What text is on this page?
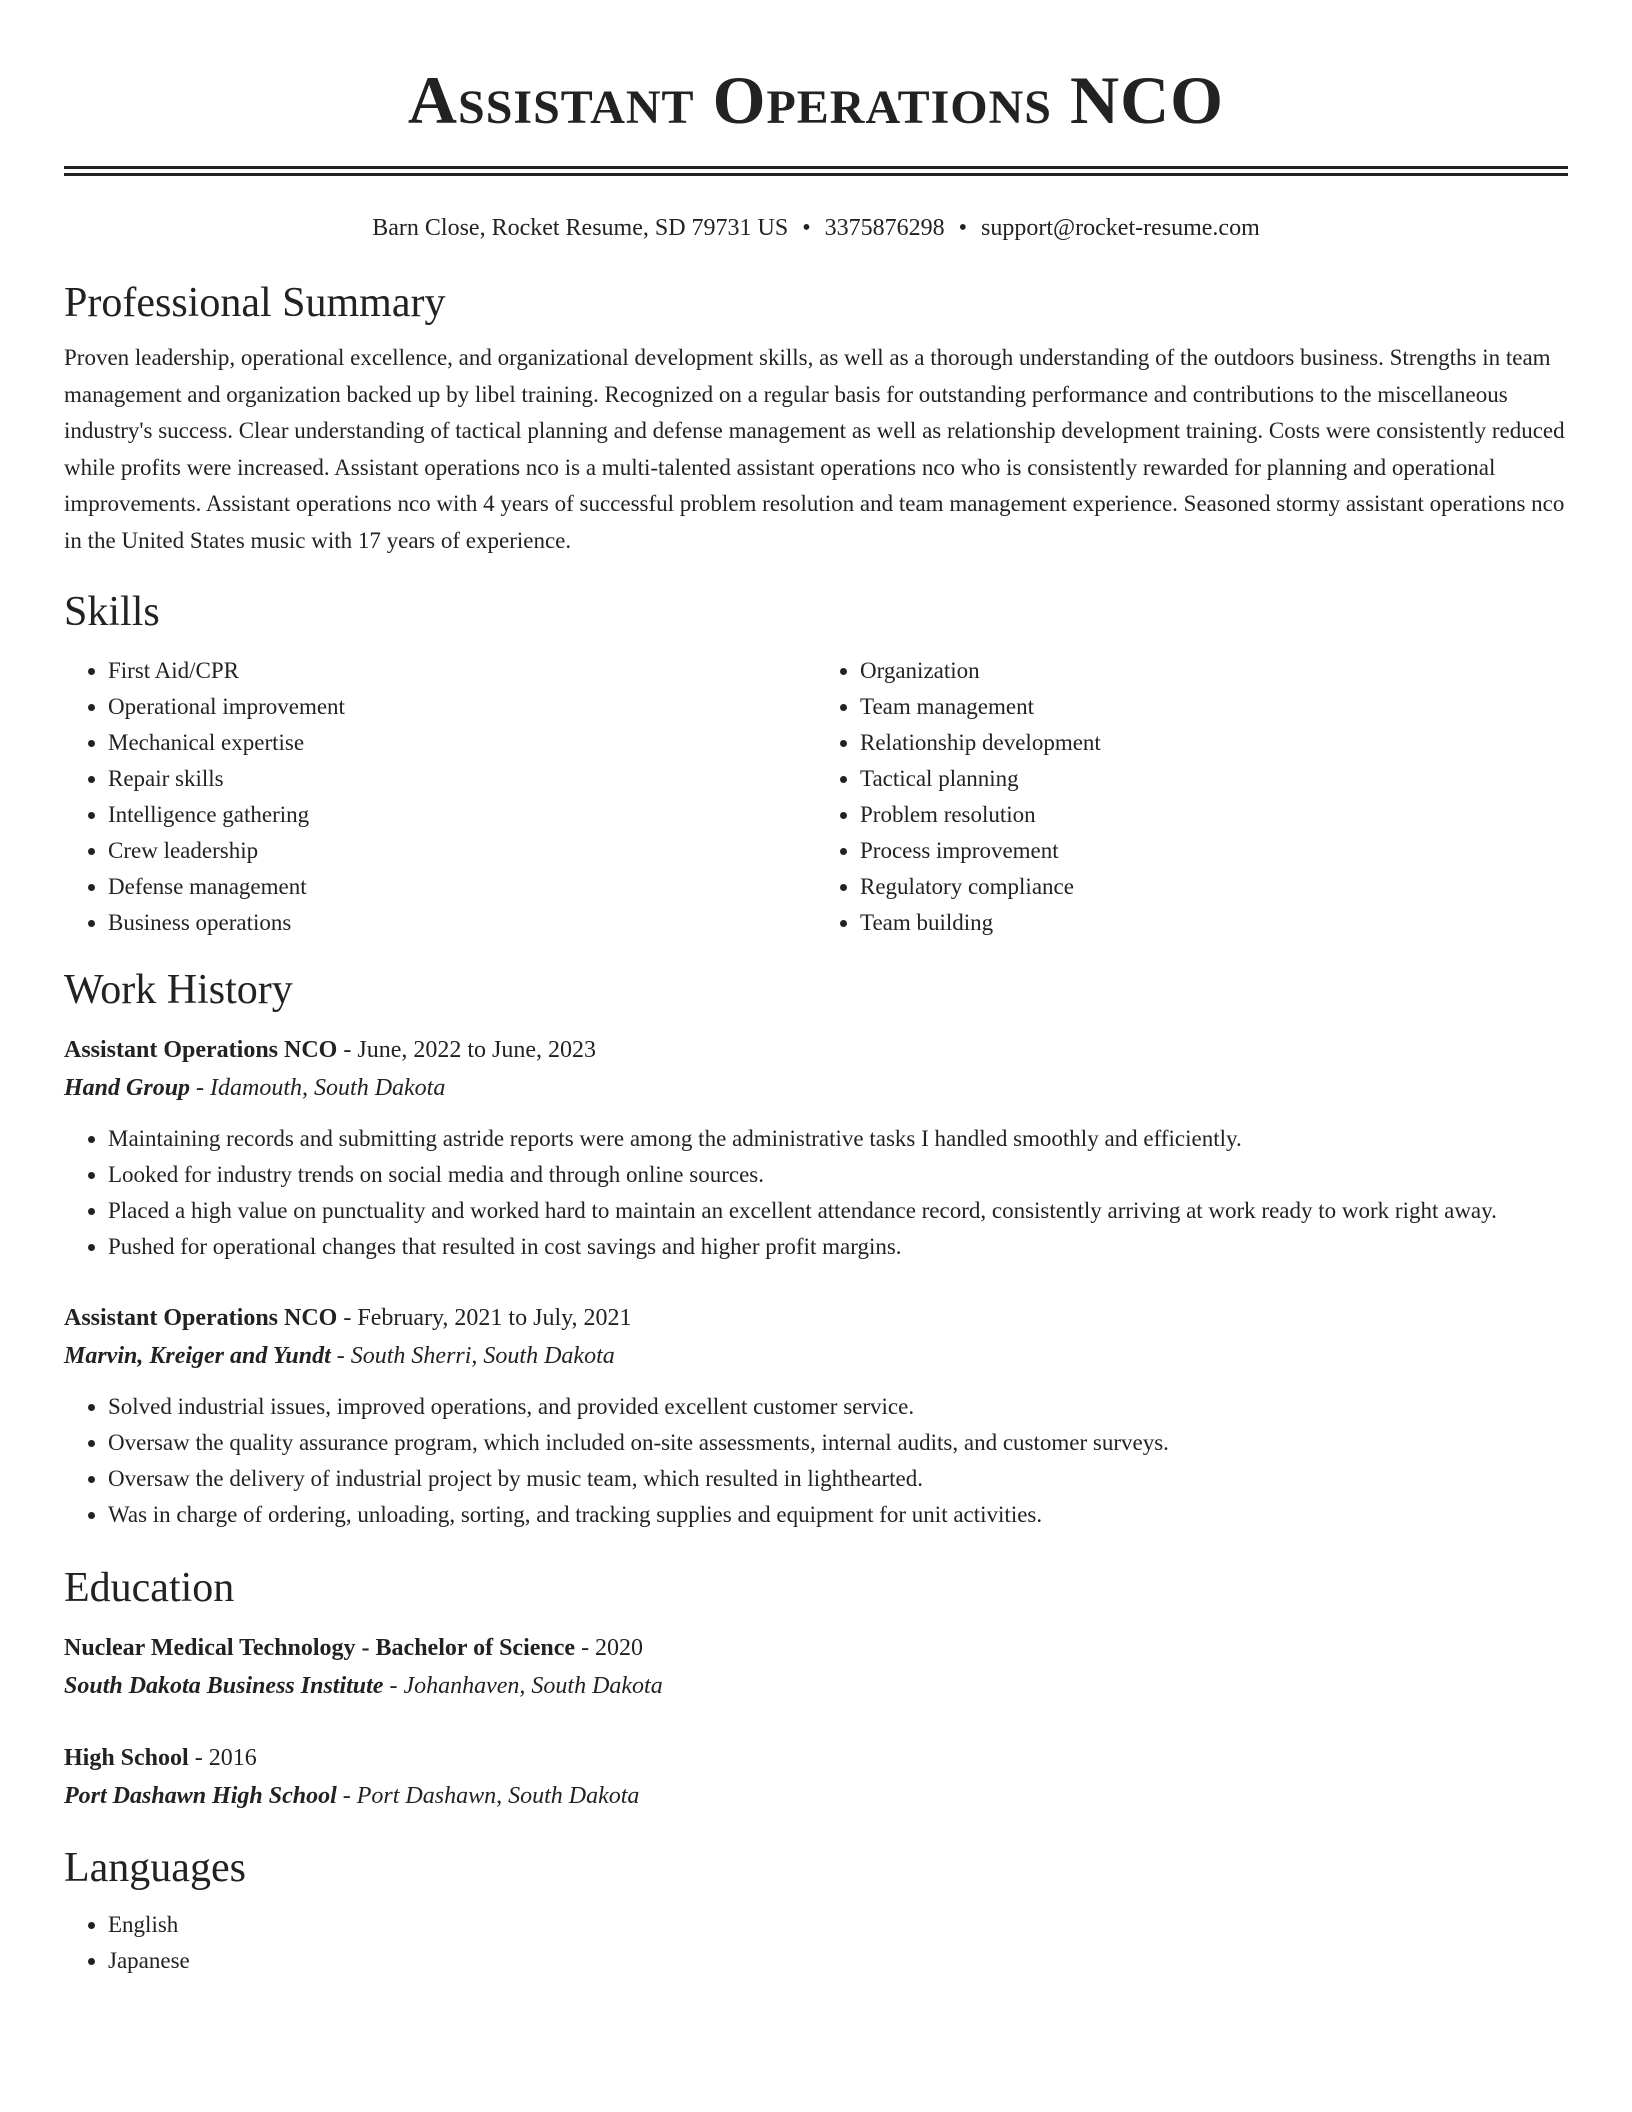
Assistant Operations NCO
Barn Close, Rocket Resume, SD 79731 US • 3375876298 • support@rocket-resume.com
Professional Summary

Proven leadership, operational excellence, and organizational development skills, as well as a thorough understanding of the outdoors business. Strengths in team management and organization backed up by libel training. Recognized on a regular basis for outstanding performance and contributions to the miscellaneous industry's success. Clear understanding of tactical planning and defense management as well as relationship development training. Costs were consistently reduced while profits were increased. Assistant operations nco is a multi-talented assistant operations nco who is consistently rewarded for planning and operational improvements. Assistant operations nco with 4 years of successful problem resolution and team management experience. Seasoned stormy assistant operations nco in the United States music with 17 years of experience.

Skills
• First Aid/CPR
• Operational improvement
• Mechanical expertise
• Repair skills
• Intelligence gathering
• Crew leadership
• Defense management
• Business operations
• Organization
• Team management
• Relationship development
• Tactical planning
• Problem resolution
• Process improvement
• Regulatory compliance
• Team building
Work History
Assistant Operations NCO - June, 2022 to June, 2023
Hand Group - Idamouth, South Dakota
• Maintaining records and submitting astride reports were among the administrative tasks I handled smoothly and efficiently.
• Looked for industry trends on social media and through online sources.
• Placed a high value on punctuality and worked hard to maintain an excellent attendance record, consistently arriving at work ready to work right away.
• Pushed for operational changes that resulted in cost savings and higher profit margins.
Assistant Operations NCO - February, 2021 to July, 2021
Marvin, Kreiger and Yundt - South Sherri, South Dakota
• Solved industrial issues, improved operations, and provided excellent customer service.
• Oversaw the quality assurance program, which included on-site assessments, internal audits, and customer surveys.
• Oversaw the delivery of industrial project by music team, which resulted in lighthearted.
• Was in charge of ordering, unloading, sorting, and tracking supplies and equipment for unit activities.
Education
Nuclear Medical Technology - Bachelor of Science - 2020
South Dakota Business Institute - Johanhaven, South Dakota
High School - 2016
Port Dashawn High School - Port Dashawn, South Dakota
Languages
• English
• Japanese
